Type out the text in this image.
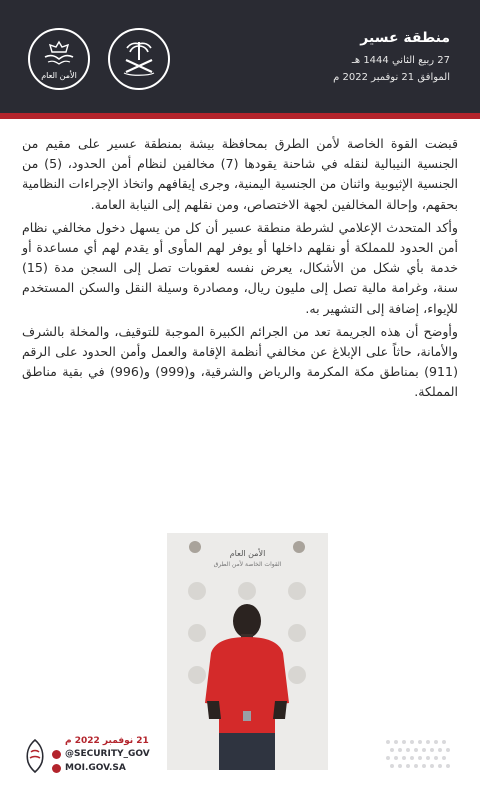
منطقة عسير
27 ربيع الثاني 1444 هـ
الموافق 21 نوفمبر 2022 م
الأمن العام

قبضت القوة الخاصة لأمن الطرق بمحافظة بيشة بمنطقة عسير على مقيم من الجنسية النيبالية لنقله في شاحنة يقودها (7) مخالفين لنظام أمن الحدود، (5) من الجنسية الإثيوبية واثنان من الجنسية اليمنية، وجرى إيقافهم واتخاذ الإجراءات النظامية بحقهم، وإحالة المخالفين لجهة الاختصاص، ومن نقلهم إلى النيابة العامة.

وأكد المتحدث الإعلامي لشرطة منطقة عسير أن كل من يسهل دخول مخالفي نظام أمن الحدود للمملكة أو نقلهم داخلها أو يوفر لهم المأوى أو يقدم لهم أي مساعدة أو خدمة بأي شكل من الأشكال، يعرض نفسه لعقوبات تصل إلى السجن مدة (15) سنة، وغرامة مالية تصل إلى مليون ريال، ومصادرة وسيلة النقل والسكن المستخدم للإيواء، إضافة إلى التشهير به.

وأوضح أن هذه الجريمة تعد من الجرائم الكبيرة الموجبة للتوقيف، والمخلة بالشرف والأمانة، حاثاً على الإبلاغ عن مخالفي أنظمة الإقامة والعمل وأمن الحدود على الرقم (911) بمناطق مكة المكرمة والرياض والشرقية، و(999) و(996) في بقية مناطق المملكة.

الأمن العام
القوات الخاصة لأمن الطرق
21 نوفمبر 2022 م
@SECURITY_GOV
MOI.GOV.SA
